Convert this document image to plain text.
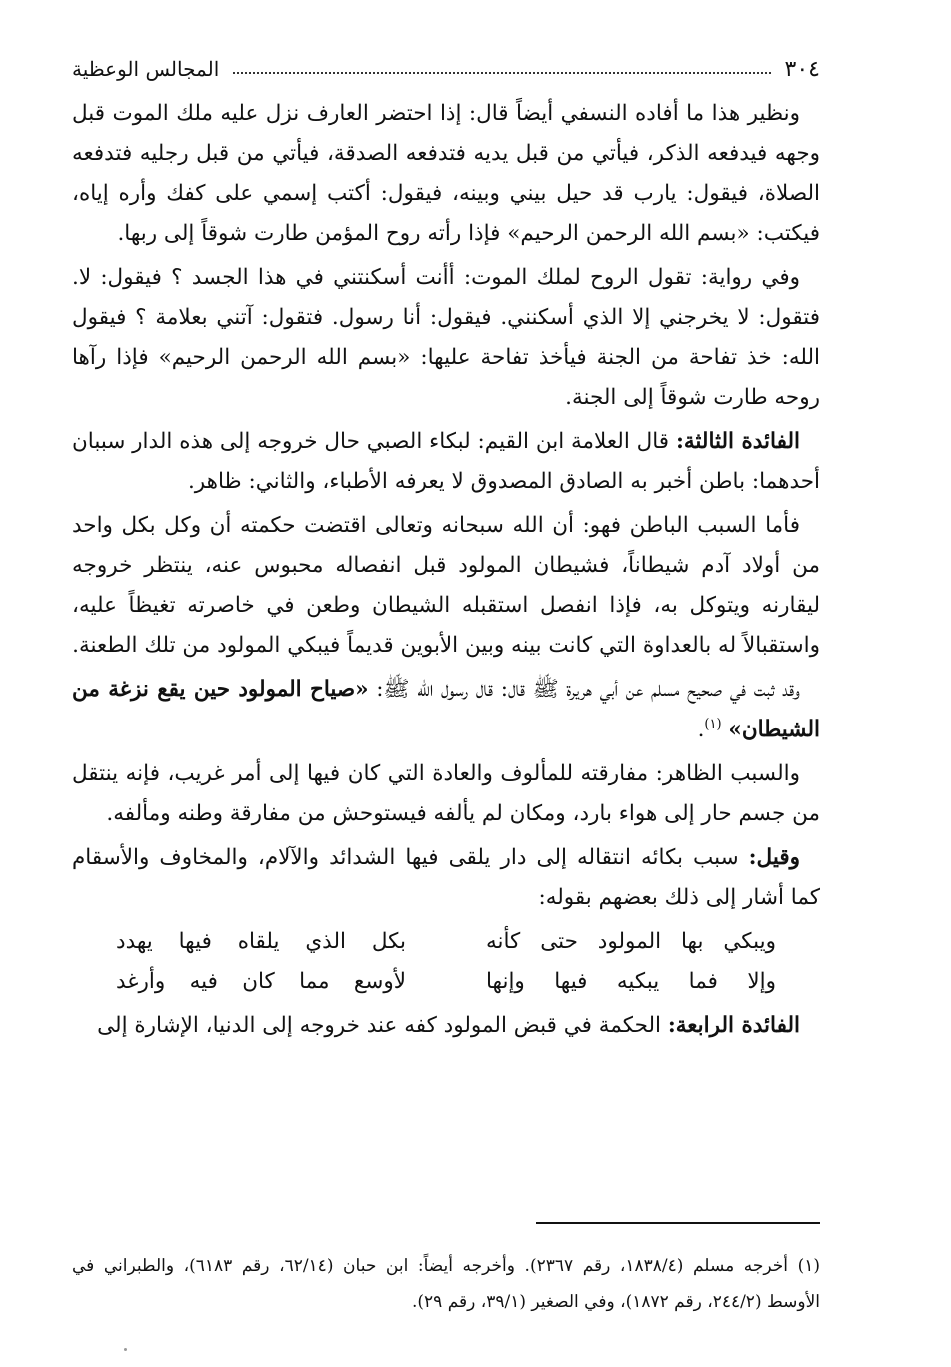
٣٠٤
المجالس الوعظية

ونظير هذا ما أفاده النسفي أيضاً قال: إذا احتضر العارف نزل عليه ملك الموت قبل وجهه فيدفعه الذكر، فيأتي من قبل يديه فتدفعه الصدقة، فيأتي من قبل رجليه فتدفعه الصلاة، فيقول: يارب قد حيل بيني وبينه، فيقول: أكتب إسمي على كفك وأره إياه، فيكتب: «بسم الله الرحمن الرحيم» فإذا رأته روح المؤمن طارت شوقاً إلى ربها.

وفي رواية: تقول الروح لملك الموت: أأنت أسكنتني في هذا الجسد ؟ فيقول: لا. فتقول: لا يخرجني إلا الذي أسكنني. فيقول: أنا رسول. فتقول: آتني بعلامة ؟ فيقول الله: خذ تفاحة من الجنة فيأخذ تفاحة عليها: «بسم الله الرحمن الرحيم» فإذا رآها روحه طارت شوقاً إلى الجنة.

الفائدة الثالثة: قال العلامة ابن القيم: لبكاء الصبي حال خروجه إلى هذه الدار سببان أحدهما: باطن أخبر به الصادق المصدوق لا يعرفه الأطباء، والثاني: ظاهر.

فأما السبب الباطن فهو: أن الله سبحانه وتعالى اقتضت حكمته أن وكل بكل واحد من أولاد آدم شيطاناً، فشيطان المولود قبل انفصاله محبوس عنه، ينتظر خروجه ليقارنه ويتوكل به، فإذا انفصل استقبله الشيطان وطعن في خاصرته تغيظاً عليه، واستقبالاً له بالعداوة التي كانت بينه وبين الأبوين قديماً فيبكي المولود من تلك الطعنة.

وقد ثبت في صحيح مسلم عن أبي هريرة ﷺ قال: قال رسول الله ﷺ: «صياح المولود حين يقع نزغة من الشيطان» $^{(١)}$.

والسبب الظاهر: مفارقته للمألوف والعادة التي كان فيها إلى أمر غريب، فإنه ينتقل من جسم حار إلى هواء بارد، ومكان لم يألفه فيستوحش من مفارقة وطنه ومألفه.

وقيل: سبب بكائه انتقاله إلى دار يلقى فيها الشدائد والآلام، والمخاوف والأسقام كما أشار إلى ذلك بعضهم بقوله:

ويبكي بها المولود حتى كأنه
بكل الذي يلقاه فيها يهدد
وإلا فما يبكيه فيها وإنها
لأوسع مما كان فيه وأرغد

الفائدة الرابعة: الحكمة في قبض المولود كفه عند خروجه إلى الدنيا، الإشارة إلى

(١) أخرجه مسلم (١٨٣٨/٤، رقم ٢٣٦٧). وأخرجه أيضاً: ابن حبان (٦٢/١٤، رقم ٦١٨٣)، والطبراني في الأوسط (٢٤٤/٢، رقم ١٨٧٢)، وفي الصغير (٣٩/١، رقم ٢٩).
